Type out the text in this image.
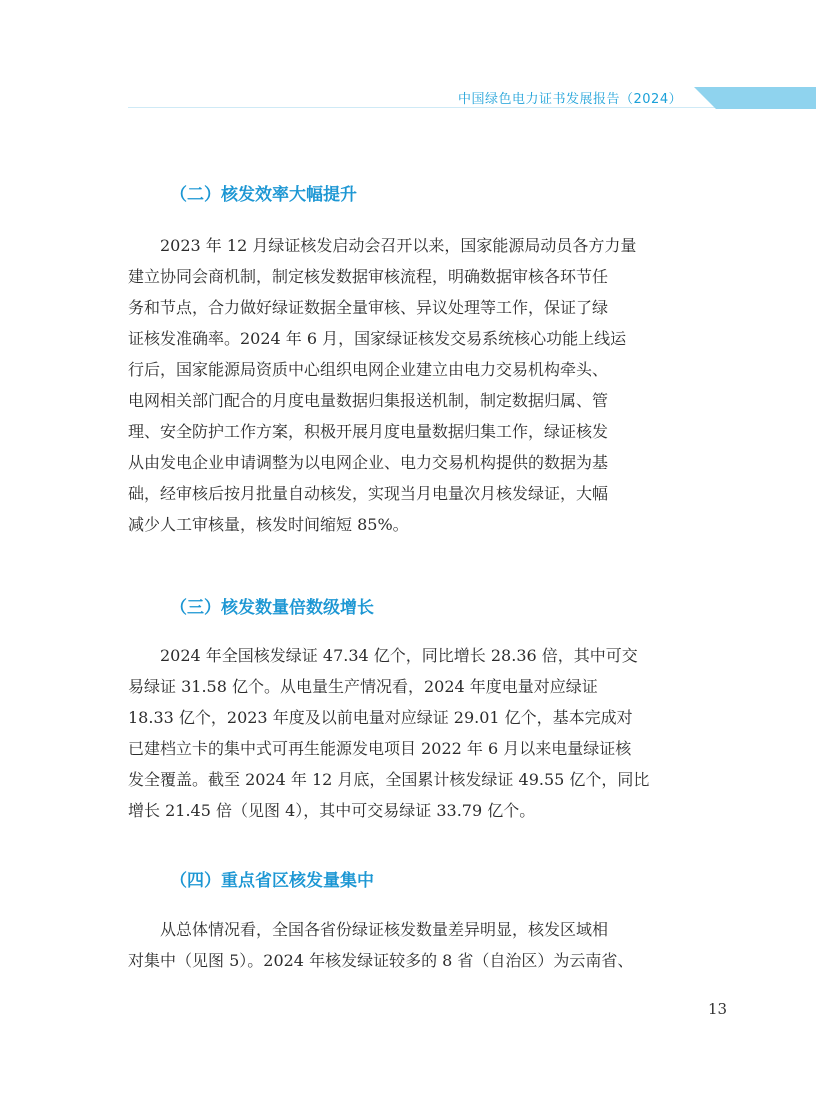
中国绿色电力证书发展报告（2024）
（二）核发效率大幅提升
　　2023 年 12 月绿证核发启动会召开以来，国家能源局动员各方力量
建立协同会商机制，制定核发数据审核流程，明确数据审核各环节任
务和节点，合力做好绿证数据全量审核、异议处理等工作，保证了绿
证核发准确率。2024 年 6 月，国家绿证核发交易系统核心功能上线运
行后，国家能源局资质中心组织电网企业建立由电力交易机构牵头、
电网相关部门配合的月度电量数据归集报送机制，制定数据归属、管
理、安全防护工作方案，积极开展月度电量数据归集工作，绿证核发
从由发电企业申请调整为以电网企业、电力交易机构提供的数据为基
础，经审核后按月批量自动核发，实现当月电量次月核发绿证，大幅
减少人工审核量，核发时间缩短 85%。
（三）核发数量倍数级增长
　　2024 年全国核发绿证 47.34 亿个，同比增长 28.36 倍，其中可交
易绿证 31.58 亿个。从电量生产情况看，2024 年度电量对应绿证
18.33 亿个，2023 年度及以前电量对应绿证 29.01 亿个，基本完成对
已建档立卡的集中式可再生能源发电项目 2022 年 6 月以来电量绿证核
发全覆盖。截至 2024 年 12 月底，全国累计核发绿证 49.55 亿个，同比
增长 21.45 倍（见图 4），其中可交易绿证 33.79 亿个。
（四）重点省区核发量集中
　　从总体情况看，全国各省份绿证核发数量差异明显，核发区域相
对集中（见图 5）。2024 年核发绿证较多的 8 省（自治区）为云南省、
13
